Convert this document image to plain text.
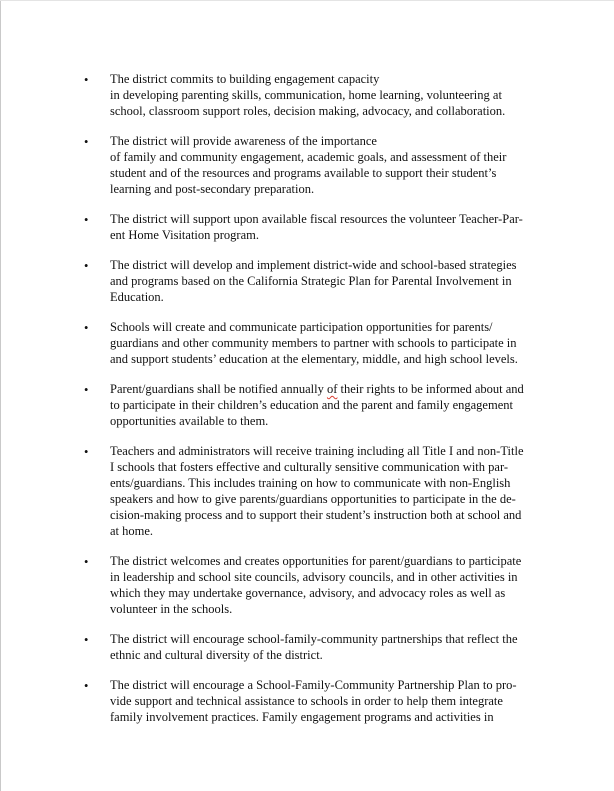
•	The district commits to building engagement capacity
in developing parenting skills, communication, home learning, volunteering at
school, classroom support roles, decision making, advocacy, and collaboration.
•	The district will provide awareness of the importance
of family and community engagement, academic goals, and assessment of their
student and of the resources and programs available to support their student’s
learning and post-secondary preparation.
•	The district will support upon available fiscal resources the volunteer Teacher-Par-
ent Home Visitation program.
•	The district will develop and implement district-wide and school-based strategies
and programs based on the California Strategic Plan for Parental Involvement in
Education.
•	Schools will create and communicate participation opportunities for parents/
guardians and other community members to partner with schools to participate in
and support students’ education at the elementary, middle, and high school levels.
•	Parent/guardians shall be notified annually of their rights to be informed about and
to participate in their children’s education and the parent and family engagement
opportunities available to them.
•	Teachers and administrators will receive training including all Title I and non-Title
I schools that fosters effective and culturally sensitive communication with par-
ents/guardians. This includes training on how to communicate with non-English
speakers and how to give parents/guardians opportunities to participate in the de-
cision-making process and to support their student’s instruction both at school and
at home.
•	The district welcomes and creates opportunities for parent/guardians to participate
in leadership and school site councils, advisory councils, and in other activities in
which they may undertake governance, advisory, and advocacy roles as well as
volunteer in the schools.
•	The district will encourage school-family-community partnerships that reflect the
ethnic and cultural diversity of the district.
•	The district will encourage a School-Family-Community Partnership Plan to pro-
vide support and technical assistance to schools in order to help them integrate
family involvement practices. Family engagement programs and activities in
